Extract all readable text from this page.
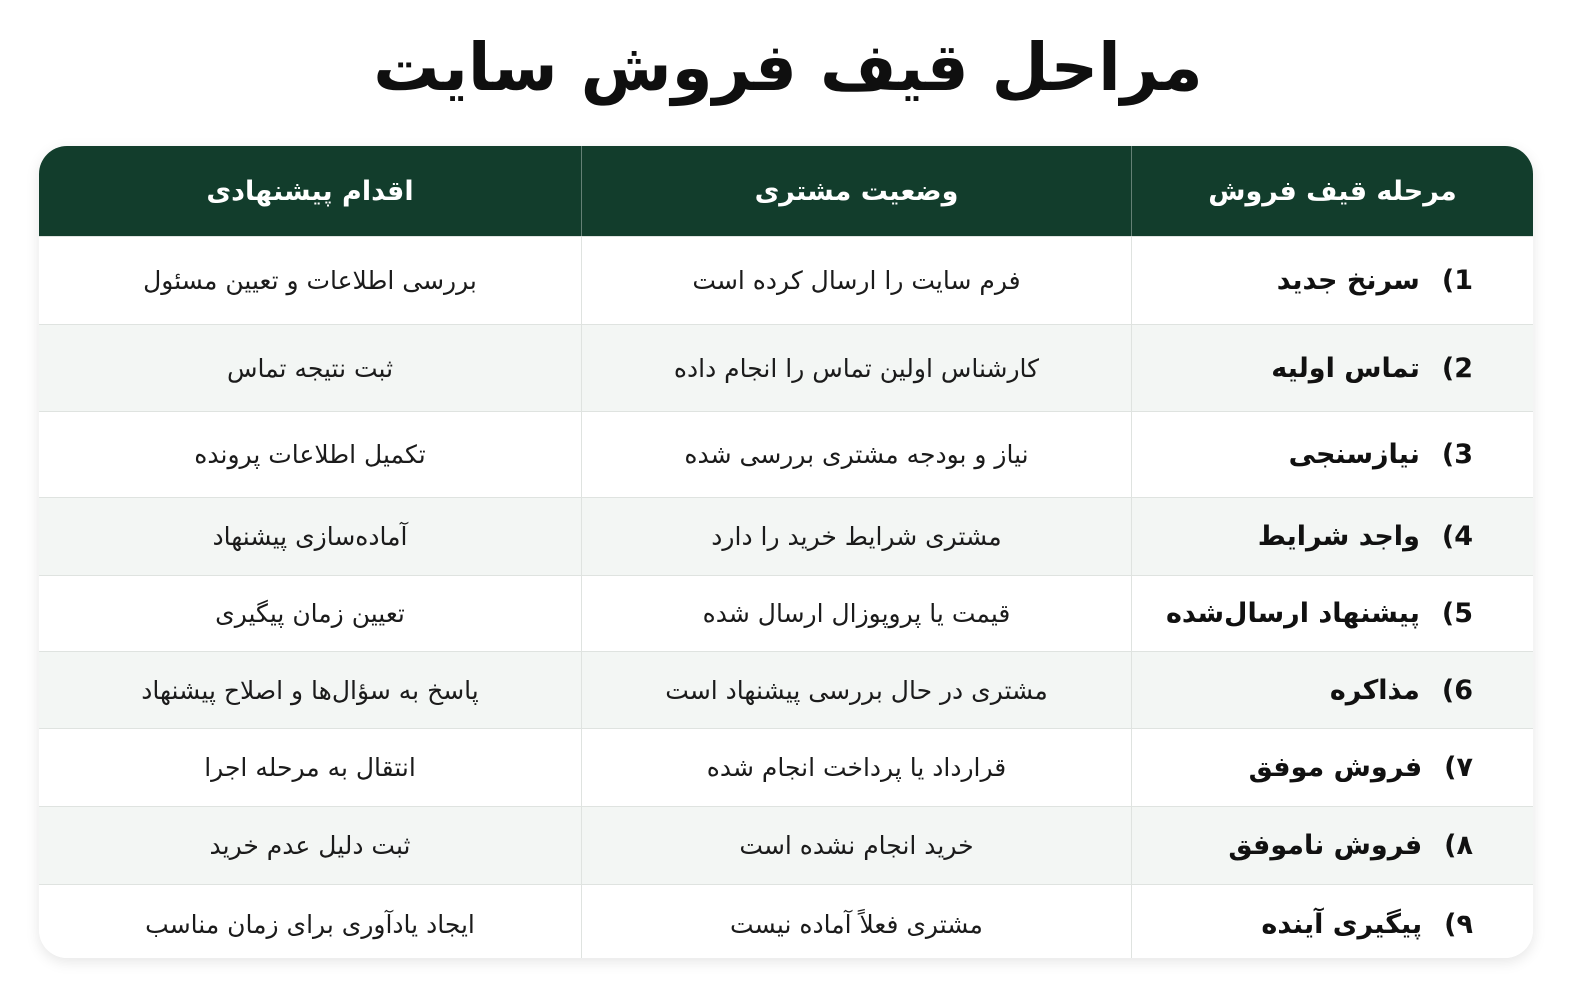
مراحل قیف فروش سایت
مرحله قیف فروش
وضعیت مشتری
اقدام پیشنهادی
1)
سرنخ جدید
فرم سایت را ارسال کرده است
بررسی اطلاعات و تعیین مسئول
2)
تماس اولیه
کارشناس اولین تماس را انجام داده
ثبت نتیجه تماس
3)
نیازسنجی
نیاز و بودجه مشتری بررسی شده
تکمیل اطلاعات پرونده
4)
واجد شرایط
مشتری شرایط خرید را دارد
آماده‌سازی پیشنهاد
5)
پیشنهاد ارسال‌شده
قیمت یا پروپوزال ارسال شده
تعیین زمان پیگیری
6)
مذاکره
مشتری در حال بررسی پیشنهاد است
پاسخ به سؤال‌ها و اصلاح پیشنهاد
۷)
فروش موفق
قرارداد یا پرداخت انجام شده
انتقال به مرحله اجرا
۸)
فروش ناموفق
خرید انجام نشده است
ثبت دلیل عدم خرید
۹)
پیگیری آینده
مشتری فعلاً آماده نیست
ایجاد یادآوری برای زمان مناسب
